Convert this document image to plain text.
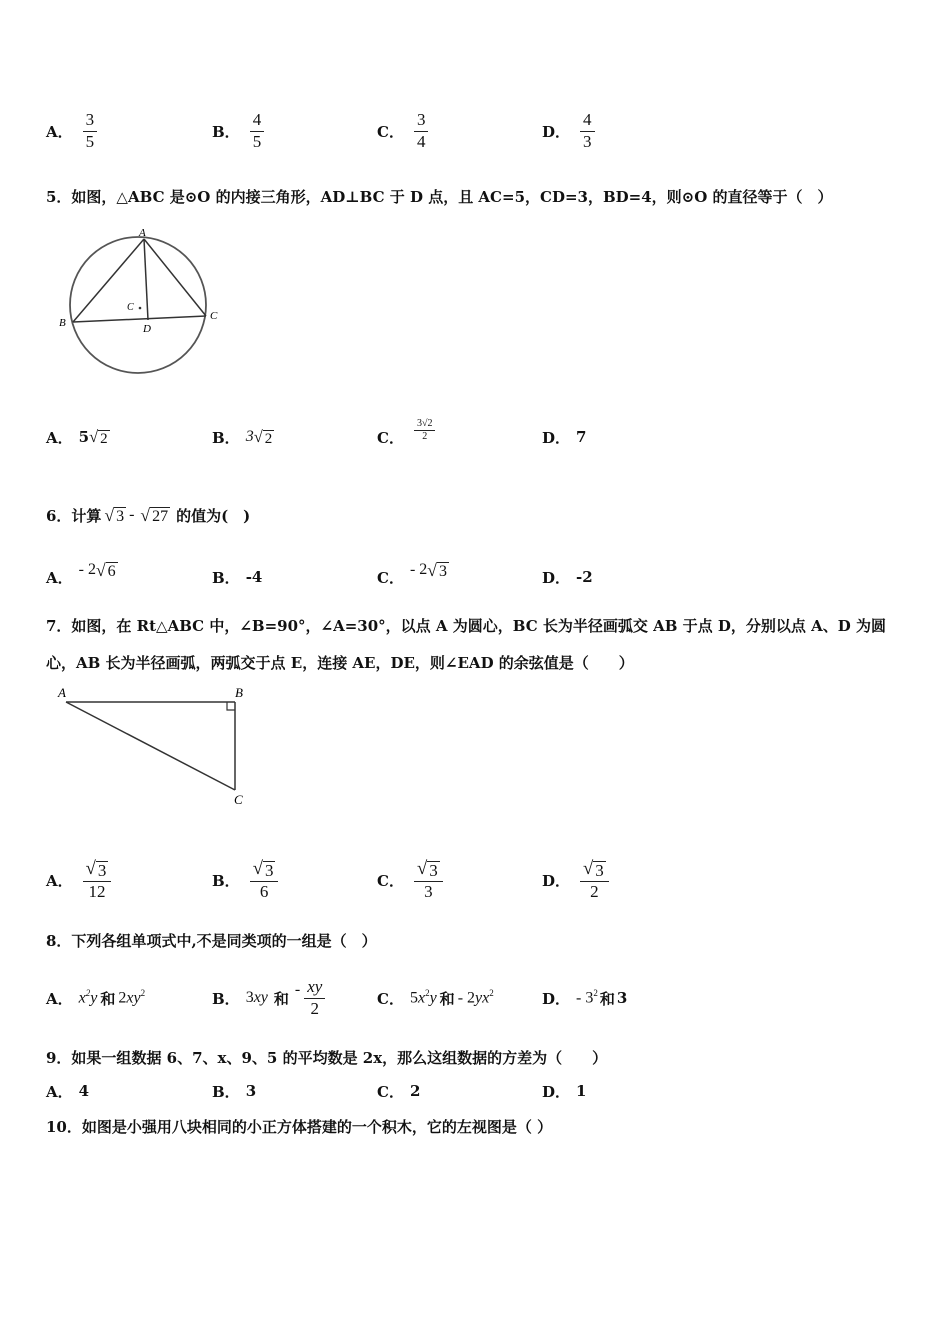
A． $\frac{3}{5}$	B． $\frac{4}{5}$	C． $\frac{3}{4}$	D． $\frac{4}{3}$
5．如图，△ABC 是⊙O 的内接三角形，AD⊥BC 于 D 点，且 AC=5，CD=3，BD=4，则⊙O 的直径等于（　）
A
B
C
D
C
A． 5 √ 2	B． 3 √ 2	C． $\frac{3√2}{2}$	D． 7
6．计算 √ 3 - √ 27 的值为(　)
A． - 2 √ 6	B． -4	C． - 2 √ 3	D． -2
7．如图，在 Rt△ABC 中，∠B=90°，∠A=30°，以点 A 为圆心，BC 长为半径画弧交 AB 于点 D，分别以点 A、D 为圆
心，AB 长为半径画弧，两弧交于点 E，连接 AE，DE，则∠EAD 的余弦值是（　　）
A	B
C
A． $\frac{√ 3}{12}$	B． $\frac{√ 3}{6}$	C． $\frac{√ 3}{3}$	D． $\frac{√ 3}{2}$
8．下列各组单项式中,不是同类项的一组是（　）
A． $x^2y$ 和 $2xy^2$	B． 3xy 和 - $\frac{xy}{2}$	C． $5x^2y$ 和 - $2yx^2$	D． - $3^2$ 和 3
9．如果一组数据 6、7、x、9、5 的平均数是 2x，那么这组数据的方差为（　　）
A． 4	B． 3	C． 2	D． 1
10．如图是小强用八块相同的小正方体搭建的一个积木，它的左视图是（ ）
